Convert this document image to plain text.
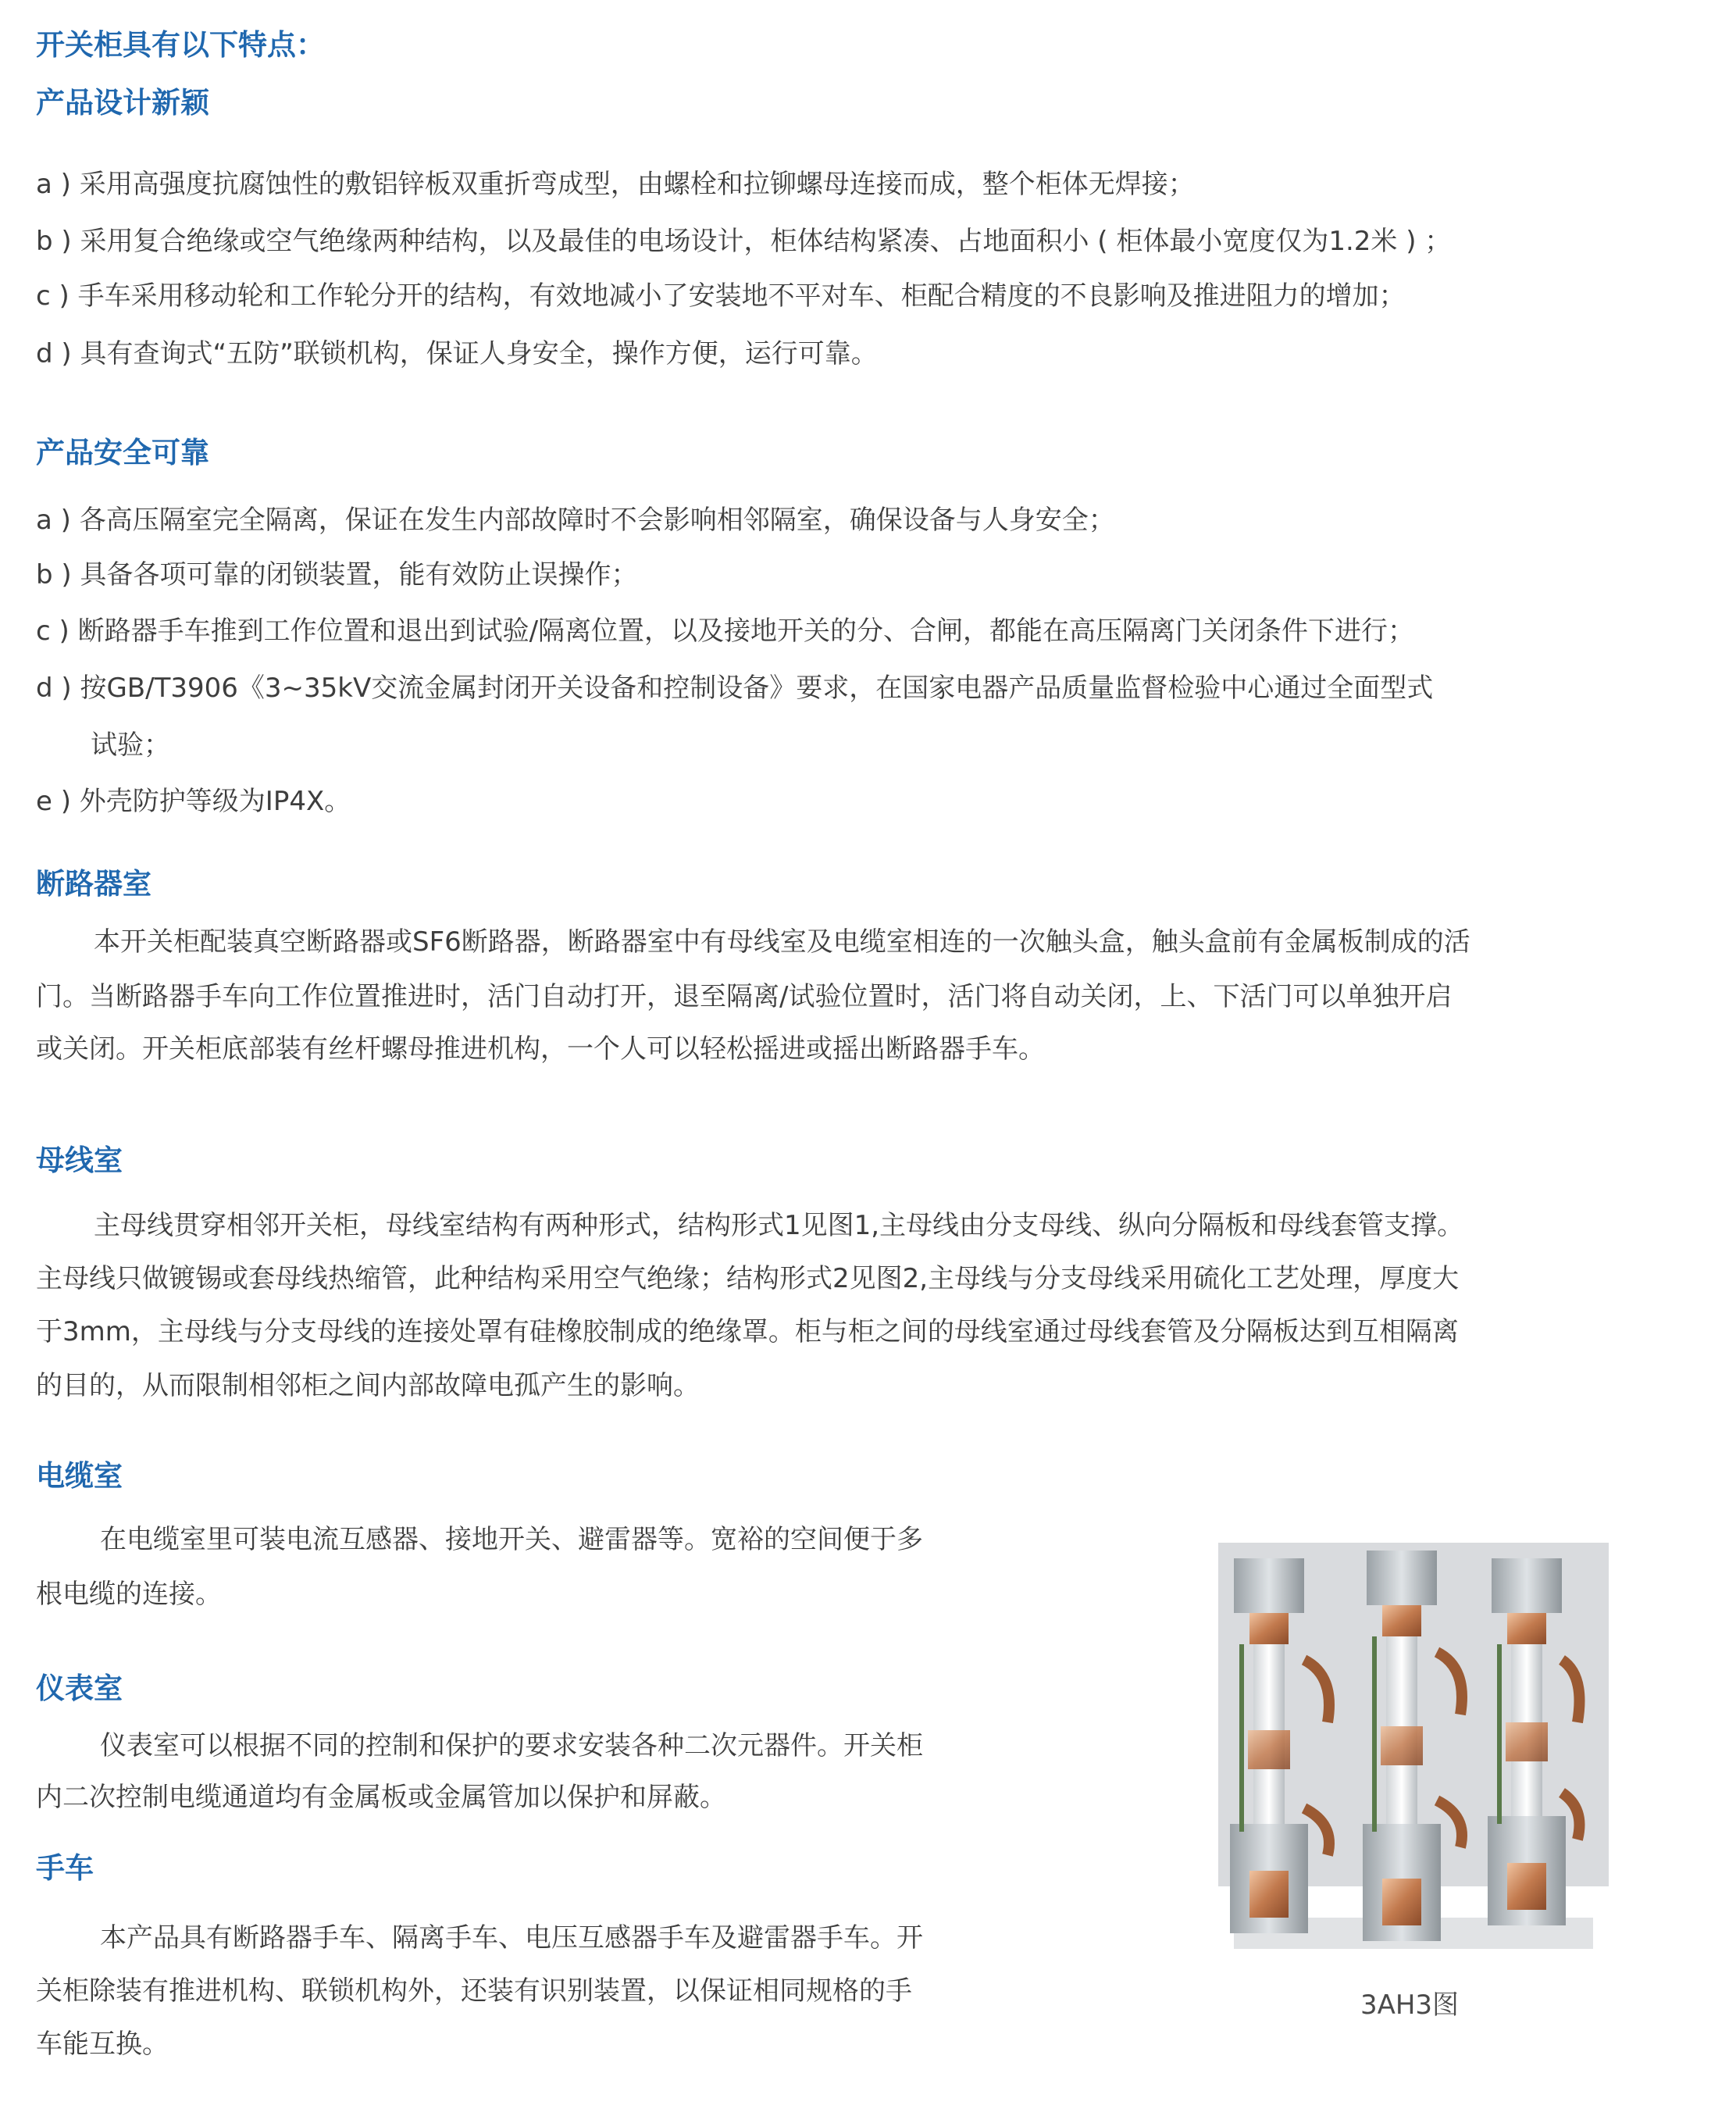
开关柜具有以下特点：
产品设计新颖

a ) 采用高强度抗腐蚀性的敷铝锌板双重折弯成型，由螺栓和拉铆螺母连接而成，整个柜体无焊接；

b ) 采用复合绝缘或空气绝缘两种结构，以及最佳的电场设计，柜体结构紧凑、占地面积小 ( 柜体最小宽度仅为1.2米 ) ；

c ) 手车采用移动轮和工作轮分开的结构，有效地减小了安装地不平对车、柜配合精度的不良影响及推进阻力的增加；

d ) 具有查询式“五防”联锁机构，保证人身安全，操作方便，运行可靠。

产品安全可靠

a ) 各高压隔室完全隔离，保证在发生内部故障时不会影响相邻隔室，确保设备与人身安全；

b ) 具备各项可靠的闭锁装置，能有效防止误操作；

c ) 断路器手车推到工作位置和退出到试验/隔离位置，以及接地开关的分、合闸，都能在高压隔离门关闭条件下进行；

d ) 按GB/T3906《3~35kV交流金属封闭开关设备和控制设备》要求，在国家电器产品质量监督检验中心通过全面型式

试验；

e ) 外壳防护等级为IP4X。

断路器室

本开关柜配装真空断路器或SF6断路器，断路器室中有母线室及电缆室相连的一次触头盒，触头盒前有金属板制成的活

门。当断路器手车向工作位置推进时，活门自动打开，退至隔离/试验位置时，活门将自动关闭，上、下活门可以单独开启

或关闭。开关柜底部装有丝杆螺母推进机构，一个人可以轻松摇进或摇出断路器手车。

母线室

主母线贯穿相邻开关柜，母线室结构有两种形式，结构形式1见图1,主母线由分支母线、纵向分隔板和母线套管支撑。

主母线只做镀锡或套母线热缩管，此种结构采用空气绝缘；结构形式2见图2,主母线与分支母线采用硫化工艺处理，厚度大

于3mm，主母线与分支母线的连接处罩有硅橡胶制成的绝缘罩。柜与柜之间的母线室通过母线套管及分隔板达到互相隔离

的目的，从而限制相邻柜之间内部故障电孤产生的影响。

电缆室

在电缆室里可装电流互感器、接地开关、避雷器等。宽裕的空间便于多

根电缆的连接。

仪表室

仪表室可以根据不同的控制和保护的要求安装各种二次元器件。开关柜

内二次控制电缆通道均有金属板或金属管加以保护和屏蔽。

手车

本产品具有断路器手车、隔离手车、电压互感器手车及避雷器手车。开

关柜除装有推进机构、联锁机构外，还装有识别装置，以保证相同规格的手

车能互换。

3AH3图
